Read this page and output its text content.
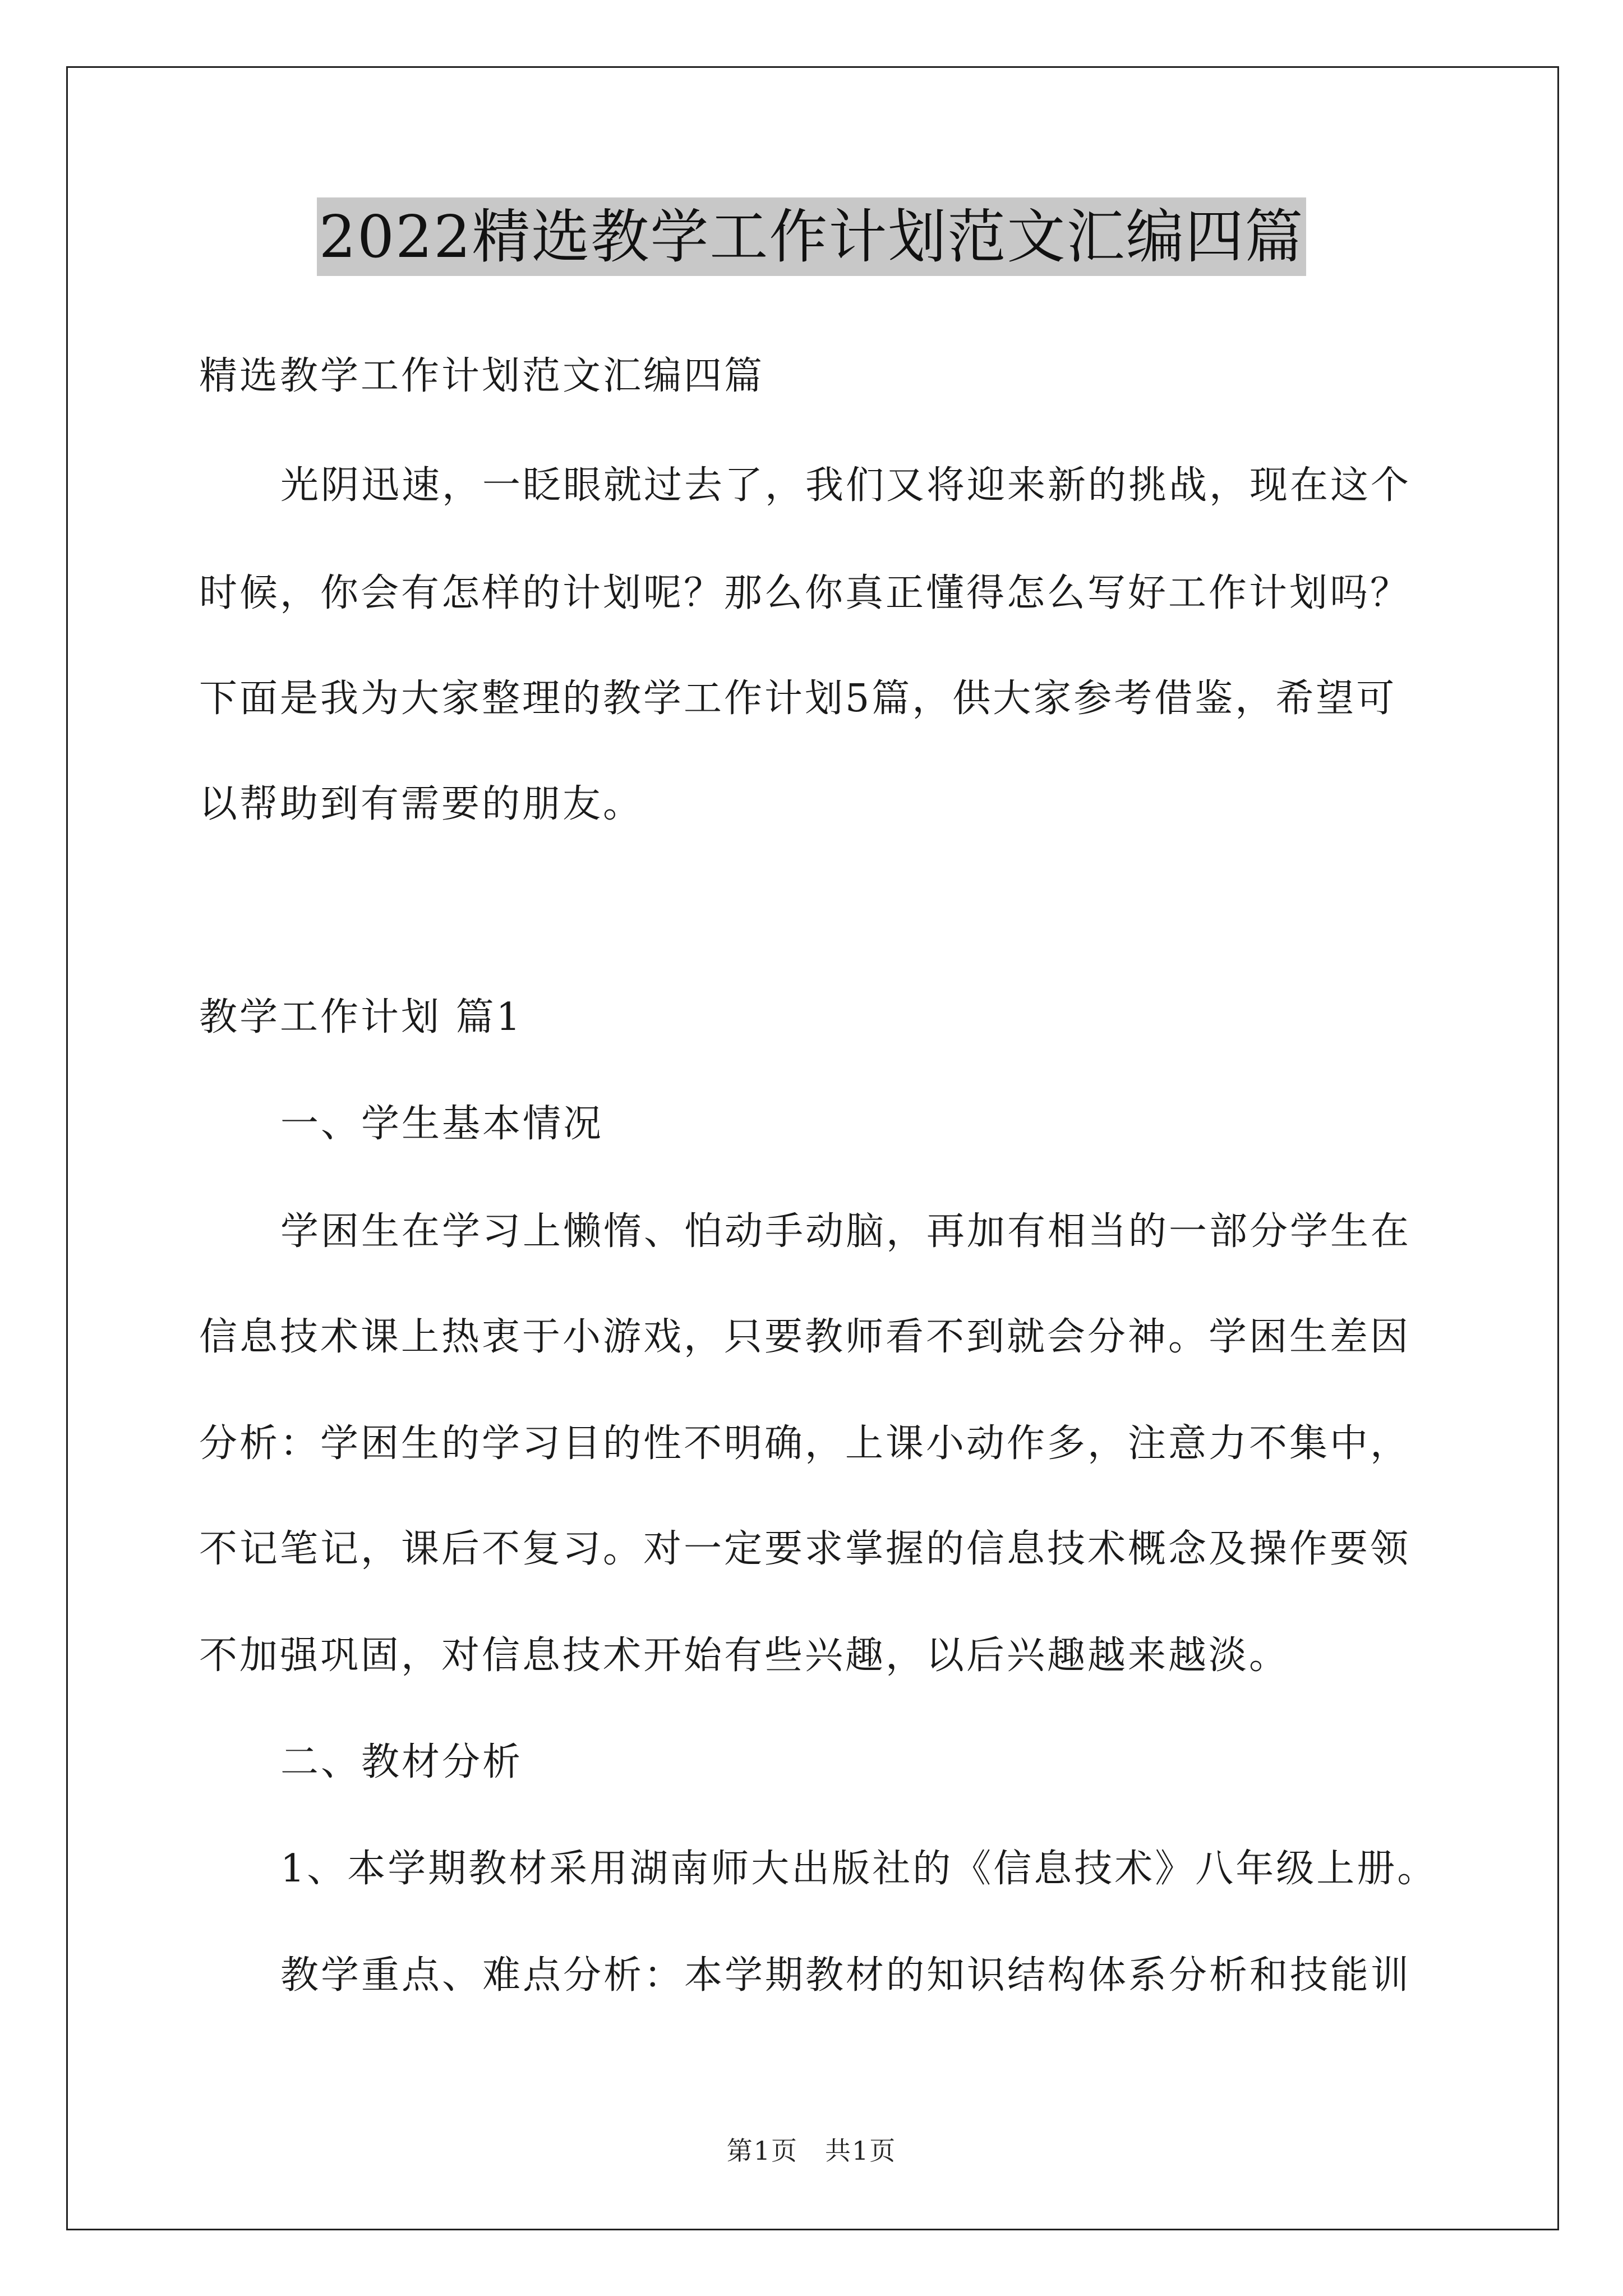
2022精选教学工作计划范文汇编四篇
精选教学工作计划范文汇编四篇
光阴迅速，一眨眼就过去了，我们又将迎来新的挑战，现在这个
时候，你会有怎样的计划呢？那么你真正懂得怎么写好工作计划吗？
下面是我为大家整理的教学工作计划5篇，供大家参考借鉴，希望可
以帮助到有需要的朋友。
教学工作计划 篇1
一、学生基本情况
学困生在学习上懒惰、怕动手动脑，再加有相当的一部分学生在
信息技术课上热衷于小游戏，只要教师看不到就会分神。学困生差因
分析：学困生的学习目的性不明确，上课小动作多，注意力不集中，
不记笔记，课后不复习。对一定要求掌握的信息技术概念及操作要领
不加强巩固，对信息技术开始有些兴趣，以后兴趣越来越淡。
二、教材分析
1、本学期教材采用湖南师大出版社的《信息技术》八年级上册。
教学重点、难点分析：本学期教材的知识结构体系分析和技能训
第1页　共1页
